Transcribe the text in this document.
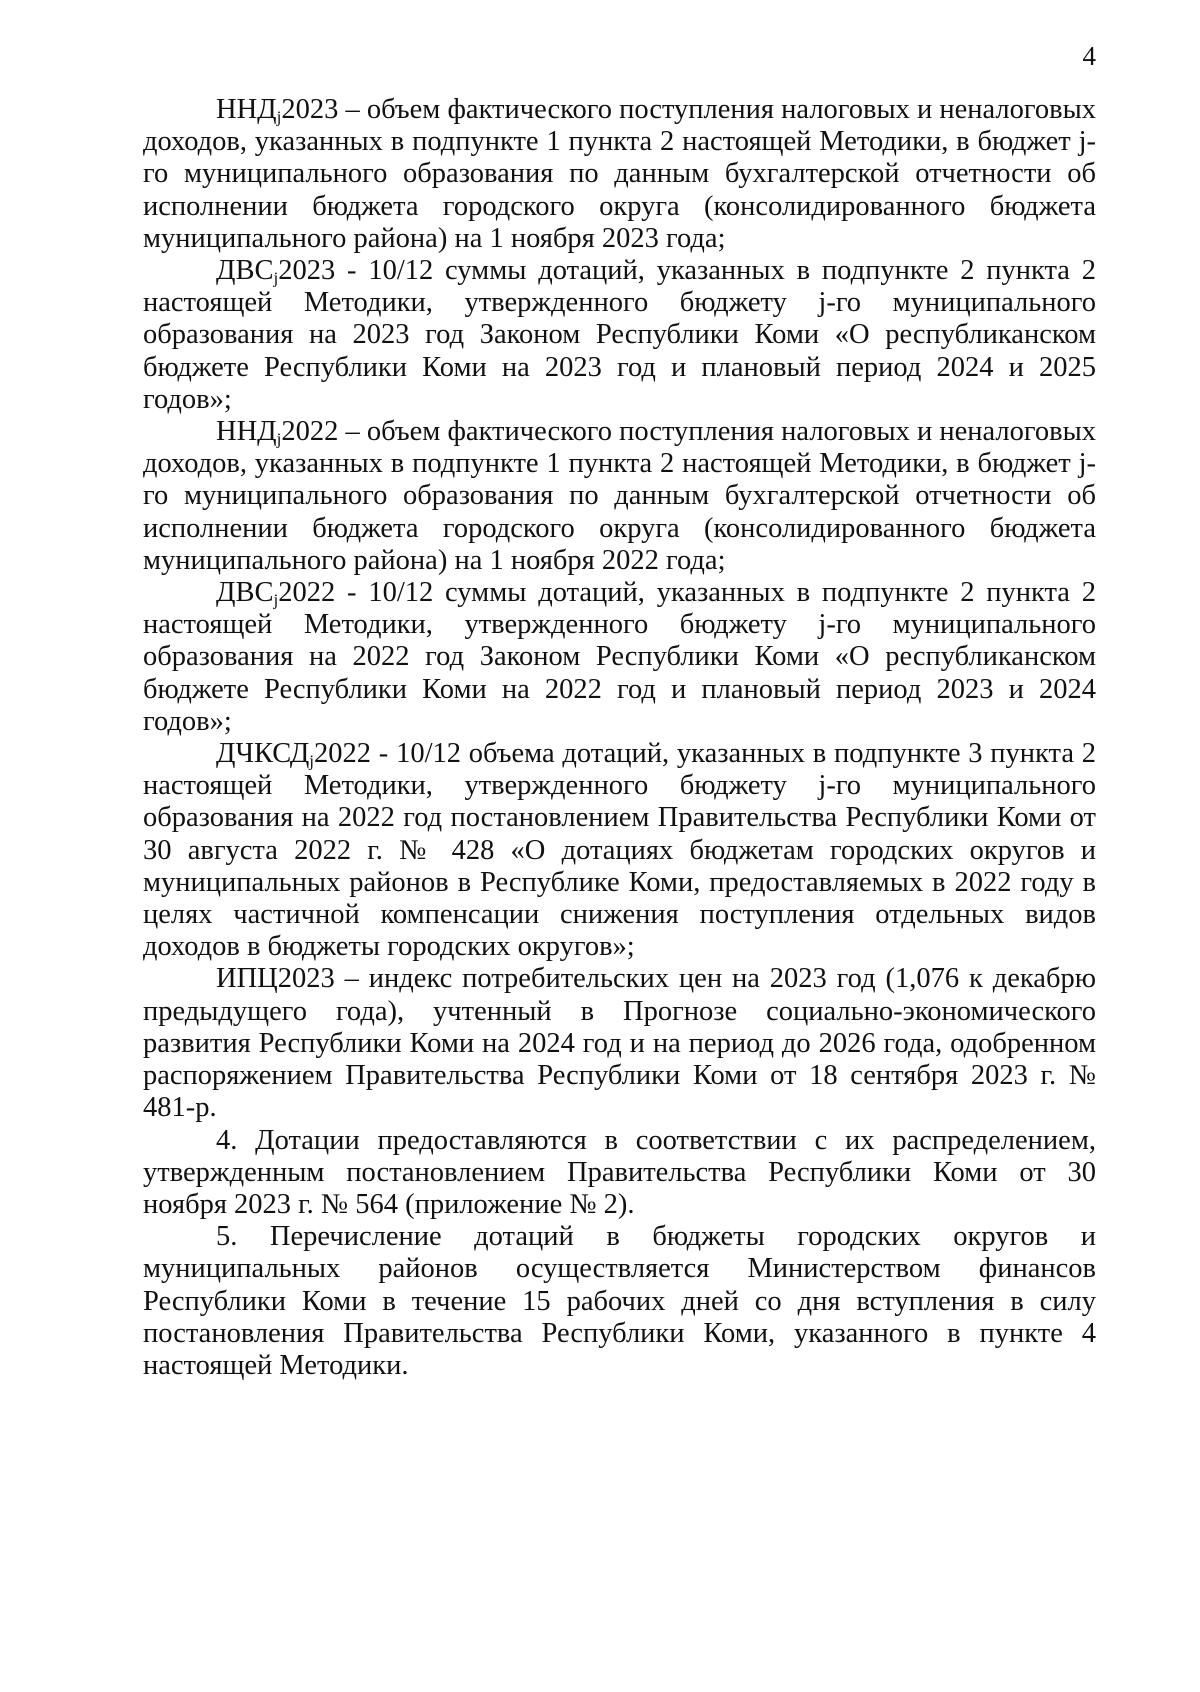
4

$ННД_j2023$ – объем фактического поступления налоговых и неналоговых доходов, указанных в подпункте 1 пункта 2 настоящей Методики, в бюджет j-го муниципального образования по данным бухгалтерской отчетности об исполнении бюджета городского округа (консолидированного бюджета муниципального района) на 1 ноября 2023 года;

$ДВС_j2023 - 10/12$ суммы дотаций, указанных в подпункте 2 пункта 2 настоящей Методики, утвержденного бюджету j-го муниципального образования на 2023 год Законом Республики Коми «О республиканском бюджете Республики Коми на 2023 год и плановый период 2024 и 2025 годов»;

$ННД_j2022$ – объем фактического поступления налоговых и неналоговых доходов, указанных в подпункте 1 пункта 2 настоящей Методики, в бюджет j-го муниципального образования по данным бухгалтерской отчетности об исполнении бюджета городского округа (консолидированного бюджета муниципального района) на 1 ноября 2022 года;

$ДВС_j2022 - 10/12$ суммы дотаций, указанных в подпункте 2 пункта 2 настоящей Методики, утвержденного бюджету j-го муниципального образования на 2022 год Законом Республики Коми «О республиканском бюджете Республики Коми на 2022 год и плановый период 2023 и 2024 годов»;

$ДЧКСД_j2022 - 10/12$ объема дотаций, указанных в подпункте 3 пункта 2 настоящей Методики, утвержденного бюджету j-го муниципального образования на 2022 год постановлением Правительства Республики Коми от 30 августа 2022 г. № 428 «О дотациях бюджетам городских округов и муниципальных районов в Республике Коми, предоставляемых в 2022 году в целях частичной компенсации снижения поступления отдельных видов доходов в бюджеты городских округов»;

ИПЦ2023 – индекс потребительских цен на 2023 год (1,076 к декабрю предыдущего года), учтенный в Прогнозе социально-экономического развития Республики Коми на 2024 год и на период до 2026 года, одобренном распоряжением Правительства Республики Коми от 18 сентября 2023 г. № 481-р.

4. Дотации предоставляются в соответствии с их распределением, утвержденным постановлением Правительства Республики Коми от 30 ноября 2023 г. № 564 (приложение № 2).

5. Перечисление дотаций в бюджеты городских округов и муниципальных районов осуществляется Министерством финансов Республики Коми в течение 15 рабочих дней со дня вступления в силу постановления Правительства Республики Коми, указанного в пункте 4 настоящей Методики.
